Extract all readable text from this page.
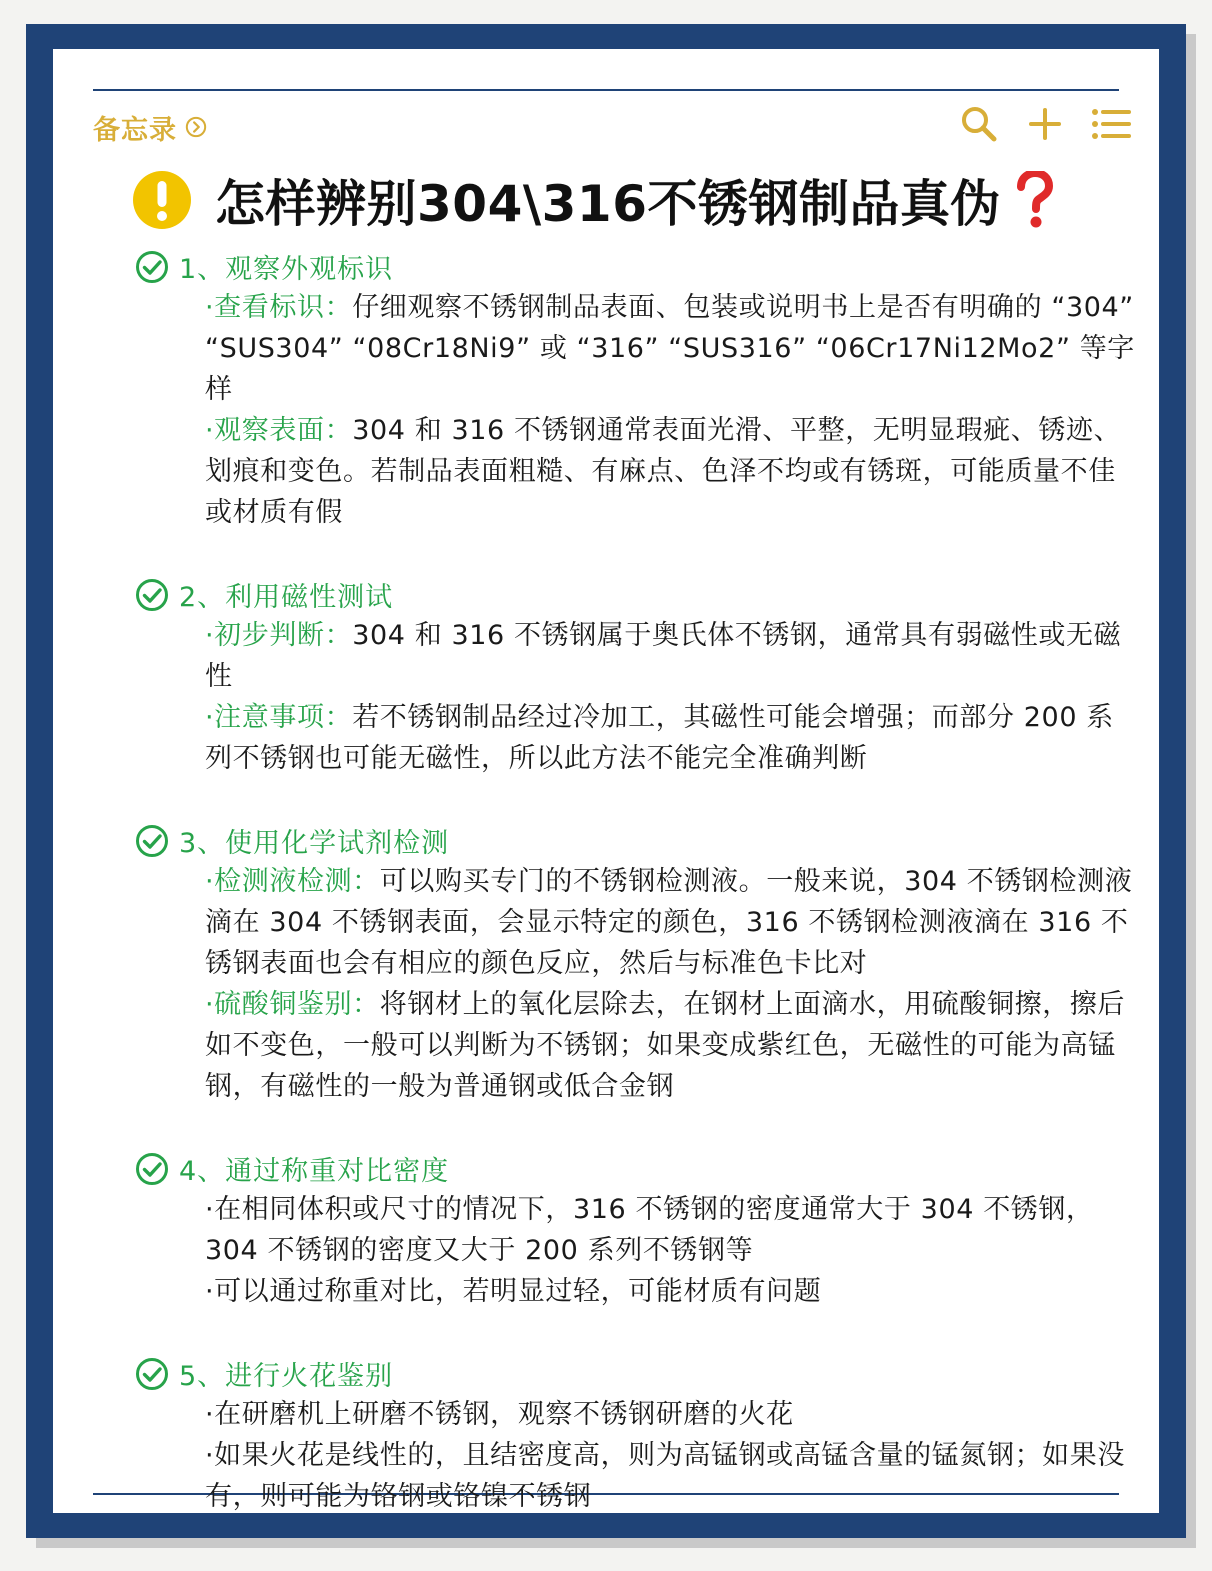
备忘录
怎样辨别304\316不锈钢制品真伪
1、观察外观标识
·查看标识：仔细观察不锈钢制品表面、包装或说明书上是否有明确的 “304” “SUS304” “08Cr18Ni9” 或 “316” “SUS316” “06Cr17Ni12Mo2” 等字样
·观察表面：304 和 316 不锈钢通常表面光滑、平整，无明显瑕疵、锈迹、划痕和变色。若制品表面粗糙、有麻点、色泽不均或有锈斑，可能质量不佳或材质有假
2、利用磁性测试
·初步判断：304 和 316 不锈钢属于奥氏体不锈钢，通常具有弱磁性或无磁性
·注意事项：若不锈钢制品经过冷加工，其磁性可能会增强；而部分 200 系列不锈钢也可能无磁性，所以此方法不能完全准确判断
3、使用化学试剂检测
·检测液检测：可以购买专门的不锈钢检测液。一般来说，304 不锈钢检测液滴在 304 不锈钢表面，会显示特定的颜色，316 不锈钢检测液滴在 316 不锈钢表面也会有相应的颜色反应，然后与标准色卡比对
·硫酸铜鉴别：将钢材上的氧化层除去，在钢材上面滴水，用硫酸铜擦，擦后如不变色，一般可以判断为不锈钢；如果变成紫红色，无磁性的可能为高锰钢，有磁性的一般为普通钢或低合金钢
4、通过称重对比密度
·在相同体积或尺寸的情况下，316 不锈钢的密度通常大于 304 不锈钢，304 不锈钢的密度又大于 200 系列不锈钢等
·可以通过称重对比，若明显过轻，可能材质有问题
5、进行火花鉴别
·在研磨机上研磨不锈钢，观察不锈钢研磨的火花
·如果火花是线性的，且结密度高，则为高锰钢或高锰含量的锰氮钢；如果没有，则可能为铬钢或铬镍不锈钢
